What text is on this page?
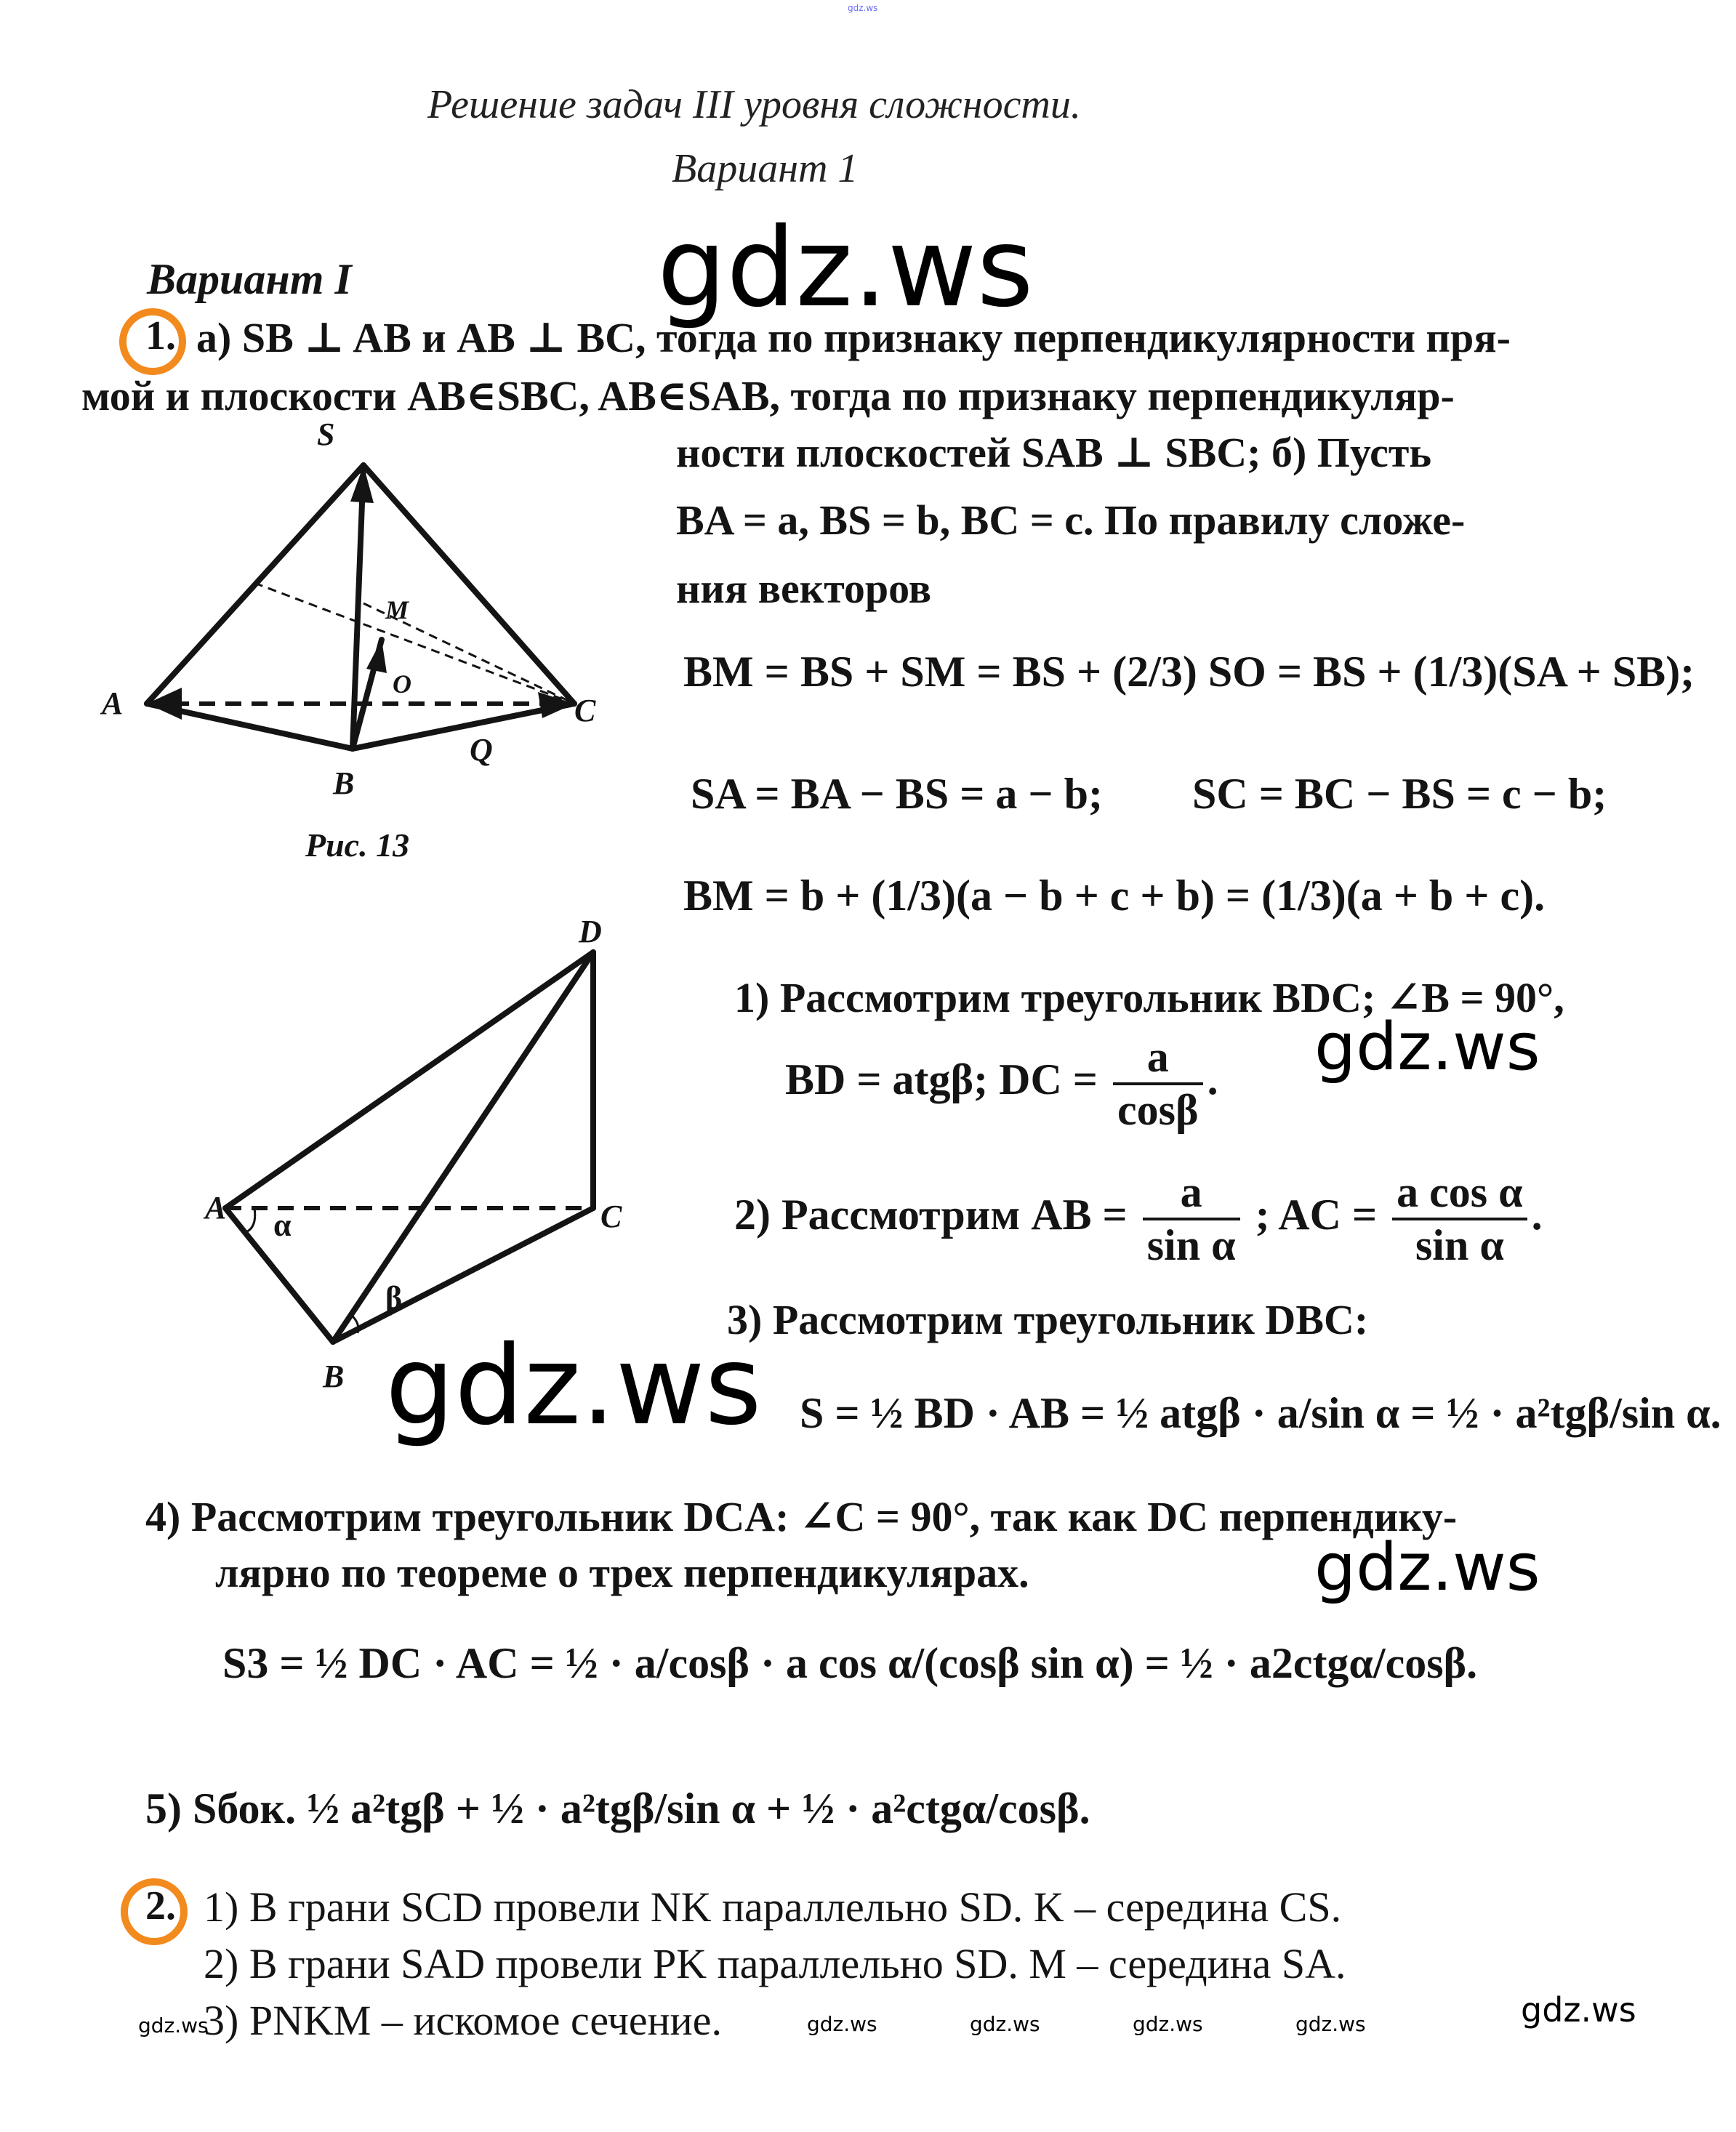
gdz.ws
Решение задач III уровня сложности.
Вариант 1
gdz.ws
Вариант I
1. а) SB ⊥ AB и AB ⊥ BC, тогда по признаку перпендикулярности пря-
мой и плоскости AB∈SBC, AB∈SAB, тогда по признаку перпендикуляр-
ности плоскостей SAB ⊥ SBC; б) Пусть
BA = a, BS = b, BC = c. По правилу сложе-
ния векторов
S
M
O
A	C
B
Q
Рис. 13
BM = BS + SM = BS + (2/3) SO = BS + (1/3)(SA + SB);
SA = BA − BS = a − b; SC = BC − BS = c − b;
BM = b + (1/3)(a − b + c + b) = (1/3)(a + b + c).
D
A α	C
β
B
1) Рассмотрим треугольник BDC; ∠B = 90°,
gdz.ws
BD = atgβ; DC = $\frac{a}{\cos\beta}$ .
2) Рассмотрим AB = $\frac{a}{\text{sin α}}$ ; AC = $\frac{\text{a cos α}}{\text{sin α}}$ .
3) Рассмотрим треугольник DBC:
gdz.ws S = ½ BD · AB = ½ atgβ · a/sin α = ½ · a²tgβ/sin α.
4) Рассмотрим треугольник DCA: ∠C = 90°, так как DC перпендику-
лярно по теореме о трех перпендикулярах.	gdz.ws
S3 = ½ DC · AC = ½ · a/cosβ · a cos α/(cosβ sin α) = ½ · a2ctgα/cosβ.
5) Sбок. ½ a²tgβ + ½ · a²tgβ/sin α + ½ · a²ctgα/cosβ.
2. 1) В грани SCD провели NK параллельно SD. K – середина CS.
2) В грани SAD провели PK параллельно SD. M – середина SA.
3) PNKM – искомое сечение.
gdz.ws	gdz.ws	gdz.ws	gdz.ws	gdz.ws	gdz.ws
